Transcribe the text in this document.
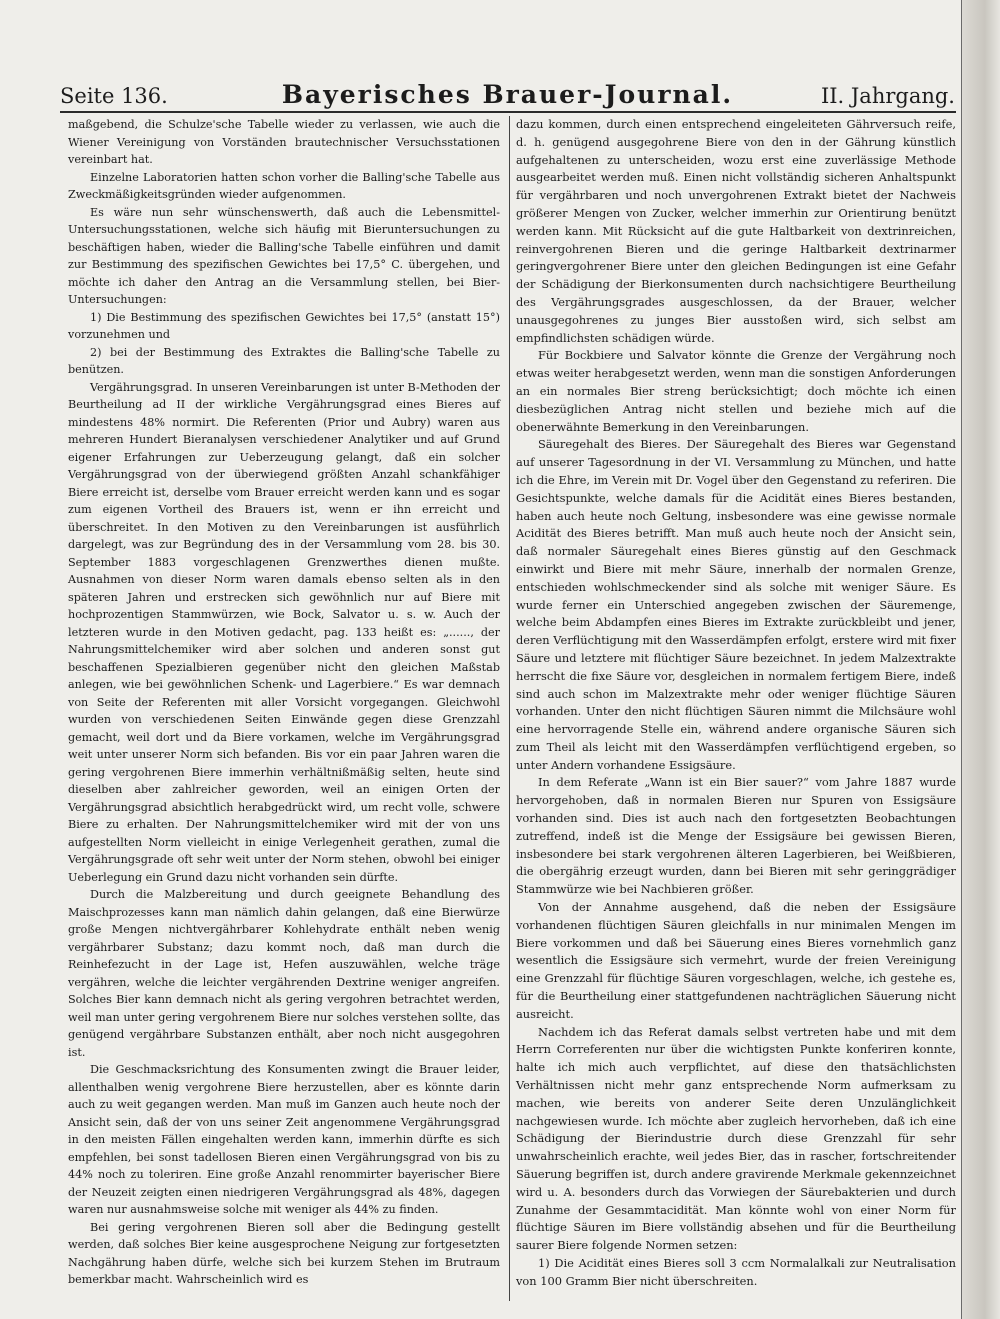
Seite 136.	Bayerisches Brauer-Journal.	II. Jahrgang.

maßgebend, die Schulze'sche Tabelle wieder zu verlassen, wie auch die Wiener Vereinigung von Vorständen brautechnischer Versuchsstationen vereinbart hat.

Einzelne Laboratorien hatten schon vorher die Balling'sche Tabelle aus Zweckmäßigkeitsgründen wieder aufgenommen.

Es wäre nun sehr wünschenswerth, daß auch die Lebensmittel-Untersuchungsstationen, welche sich häufig mit Bieruntersuchungen zu beschäftigen haben, wieder die Balling'sche Tabelle einführen und damit zur Bestimmung des spezifischen Gewichtes bei 17,5° C. übergehen, und möchte ich daher den Antrag an die Versammlung stellen, bei Bier-Untersuchungen:

1) Die Bestimmung des spezifischen Gewichtes bei 17,5° (anstatt 15°) vorzunehmen und

2) bei der Bestimmung des Extraktes die Balling'sche Tabelle zu benützen.

Vergährungsgrad. In unseren Vereinbarungen ist unter B-Methoden der Beurtheilung ad II der wirkliche Vergährungsgrad eines Bieres auf mindestens 48% normirt. Die Referenten (Prior und Aubry) waren aus mehreren Hundert Bieranalysen verschiedener Analytiker und auf Grund eigener Erfahrungen zur Ueberzeugung gelangt, daß ein solcher Vergährungsgrad von der überwiegend größten Anzahl schankfähiger Biere erreicht ist, derselbe vom Brauer erreicht werden kann und es sogar zum eigenen Vortheil des Brauers ist, wenn er ihn erreicht und überschreitet. In den Motiven zu den Vereinbarungen ist ausführlich dargelegt, was zur Begründung des in der Versammlung vom 28. bis 30. September 1883 vorgeschlagenen Grenzwerthes dienen mußte. Ausnahmen von dieser Norm waren damals ebenso selten als in den späteren Jahren und erstrecken sich gewöhnlich nur auf Biere mit hochprozentigen Stammwürzen, wie Bock, Salvator u. s. w. Auch der letzteren wurde in den Motiven gedacht, pag. 133 heißt es: „......, der Nahrungsmittelchemiker wird aber solchen und anderen sonst gut beschaffenen Spezialbieren gegenüber nicht den gleichen Maßstab anlegen, wie bei gewöhnlichen Schenk- und Lagerbiere.“ Es war demnach von Seite der Referenten mit aller Vorsicht vorgegangen. Gleichwohl wurden von verschiedenen Seiten Einwände gegen diese Grenzzahl gemacht, weil dort und da Biere vorkamen, welche im Vergährungsgrad weit unter unserer Norm sich befanden. Bis vor ein paar Jahren waren die gering vergohrenen Biere immerhin verhältnißmäßig selten, heute sind dieselben aber zahlreicher geworden, weil an einigen Orten der Vergährungsgrad absichtlich herabgedrückt wird, um recht volle, schwere Biere zu erhalten. Der Nahrungsmittelchemiker wird mit der von uns aufgestellten Norm vielleicht in einige Verlegenheit gerathen, zumal die Vergährungsgrade oft sehr weit unter der Norm stehen, obwohl bei einiger Ueberlegung ein Grund dazu nicht vorhanden sein dürfte.

Durch die Malzbereitung und durch geeignete Behandlung des Maischprozesses kann man nämlich dahin gelangen, daß eine Bierwürze große Mengen nichtvergährbarer Kohlehydrate enthält neben wenig vergährbarer Substanz; dazu kommt noch, daß man durch die Reinhefezucht in der Lage ist, Hefen auszuwählen, welche träge vergähren, welche die leichter vergährenden Dextrine weniger angreifen. Solches Bier kann demnach nicht als gering vergohren betrachtet werden, weil man unter gering vergohrenem Biere nur solches verstehen sollte, das genügend vergährbare Substanzen enthält, aber noch nicht ausgegohren ist.

Die Geschmacksrichtung des Konsumenten zwingt die Brauer leider, allenthalben wenig vergohrene Biere herzustellen, aber es könnte darin auch zu weit gegangen werden. Man muß im Ganzen auch heute noch der Ansicht sein, daß der von uns seiner Zeit angenommene Vergährungsgrad in den meisten Fällen eingehalten werden kann, immerhin dürfte es sich empfehlen, bei sonst tadellosen Bieren einen Vergährungsgrad von bis zu 44% noch zu toleriren. Eine große Anzahl renommirter bayerischer Biere der Neuzeit zeigten einen niedrigeren Vergährungsgrad als 48%, dagegen waren nur ausnahmsweise solche mit weniger als 44% zu finden.

Bei gering vergohrenen Bieren soll aber die Bedingung gestellt werden, daß solches Bier keine ausgesprochene Neigung zur fortgesetzten Nachgährung haben dürfe, welche sich bei kurzem Stehen im Brutraum bemerkbar macht. Wahrscheinlich wird es

dazu kommen, durch einen entsprechend eingeleiteten Gährversuch reife, d. h. genügend ausgegohrene Biere von den in der Gährung künstlich aufgehaltenen zu unterscheiden, wozu erst eine zuverlässige Methode ausgearbeitet werden muß. Einen nicht vollständig sicheren Anhaltspunkt für vergährbaren und noch unvergohrenen Extrakt bietet der Nachweis größerer Mengen von Zucker, welcher immerhin zur Orientirung benützt werden kann. Mit Rücksicht auf die gute Haltbarkeit von dextrinreichen, reinvergohrenen Bieren und die geringe Haltbarkeit dextrinarmer geringvergohrener Biere unter den gleichen Bedingungen ist eine Gefahr der Schädigung der Bierkonsumenten durch nachsichtigere Beurtheilung des Vergährungsgrades ausgeschlossen, da der Brauer, welcher unausgegohrenes zu junges Bier ausstoßen wird, sich selbst am empfindlichsten schädigen würde.

Für Bockbiere und Salvator könnte die Grenze der Vergährung noch etwas weiter herabgesetzt werden, wenn man die sonstigen Anforderungen an ein normales Bier streng berücksichtigt; doch möchte ich einen diesbezüglichen Antrag nicht stellen und beziehe mich auf die obenerwähnte Bemerkung in den Vereinbarungen.

Säuregehalt des Bieres. Der Säuregehalt des Bieres war Gegenstand auf unserer Tagesordnung in der VI. Versammlung zu München, und hatte ich die Ehre, im Verein mit Dr. Vogel über den Gegenstand zu referiren. Die Gesichtspunkte, welche damals für die Acidität eines Bieres bestanden, haben auch heute noch Geltung, insbesondere was eine gewisse normale Acidität des Bieres betrifft. Man muß auch heute noch der Ansicht sein, daß normaler Säuregehalt eines Bieres günstig auf den Geschmack einwirkt und Biere mit mehr Säure, innerhalb der normalen Grenze, entschieden wohlschmeckender sind als solche mit weniger Säure. Es wurde ferner ein Unterschied angegeben zwischen der Säuremenge, welche beim Abdampfen eines Bieres im Extrakte zurückbleibt und jener, deren Verflüchtigung mit den Wasserdämpfen erfolgt, erstere wird mit fixer Säure und letztere mit flüchtiger Säure bezeichnet. In jedem Malzextrakte herrscht die fixe Säure vor, desgleichen in normalem fertigem Biere, indeß sind auch schon im Malzextrakte mehr oder weniger flüchtige Säuren vorhanden. Unter den nicht flüchtigen Säuren nimmt die Milchsäure wohl eine hervorragende Stelle ein, während andere organische Säuren sich zum Theil als leicht mit den Wasserdämpfen verflüchtigend ergeben, so unter Andern vorhandene Essigsäure.

In dem Referate „Wann ist ein Bier sauer?“ vom Jahre 1887 wurde hervorgehoben, daß in normalen Bieren nur Spuren von Essigsäure vorhanden sind. Dies ist auch nach den fortgesetzten Beobachtungen zutreffend, indeß ist die Menge der Essigsäure bei gewissen Bieren, insbesondere bei stark vergohrenen älteren Lagerbieren, bei Weißbieren, die obergährig erzeugt wurden, dann bei Bieren mit sehr geringgrädiger Stammwürze wie bei Nachbieren größer.

Von der Annahme ausgehend, daß die neben der Essigsäure vorhandenen flüchtigen Säuren gleichfalls in nur minimalen Mengen im Biere vorkommen und daß bei Säuerung eines Bieres vornehmlich ganz wesentlich die Essigsäure sich vermehrt, wurde der freien Vereinigung eine Grenzzahl für flüchtige Säuren vorgeschlagen, welche, ich gestehe es, für die Beurtheilung einer stattgefundenen nachträglichen Säuerung nicht ausreicht.

Nachdem ich das Referat damals selbst vertreten habe und mit dem Herrn Correferenten nur über die wichtigsten Punkte konferiren konnte, halte ich mich auch verpflichtet, auf diese den thatsächlichsten Verhältnissen nicht mehr ganz entsprechende Norm aufmerksam zu machen, wie bereits von anderer Seite deren Unzulänglichkeit nachgewiesen wurde. Ich möchte aber zugleich hervorheben, daß ich eine Schädigung der Bierindustrie durch diese Grenzzahl für sehr unwahrscheinlich erachte, weil jedes Bier, das in rascher, fortschreitender Säuerung begriffen ist, durch andere gravirende Merkmale gekennzeichnet wird u. A. besonders durch das Vorwiegen der Säurebakterien und durch Zunahme der Gesammtacidität. Man könnte wohl von einer Norm für flüchtige Säuren im Biere vollständig absehen und für die Beurtheilung saurer Biere folgende Normen setzen:

1) Die Acidität eines Bieres soll 3 ccm Normalalkali zur Neutralisation von 100 Gramm Bier nicht überschreiten.
